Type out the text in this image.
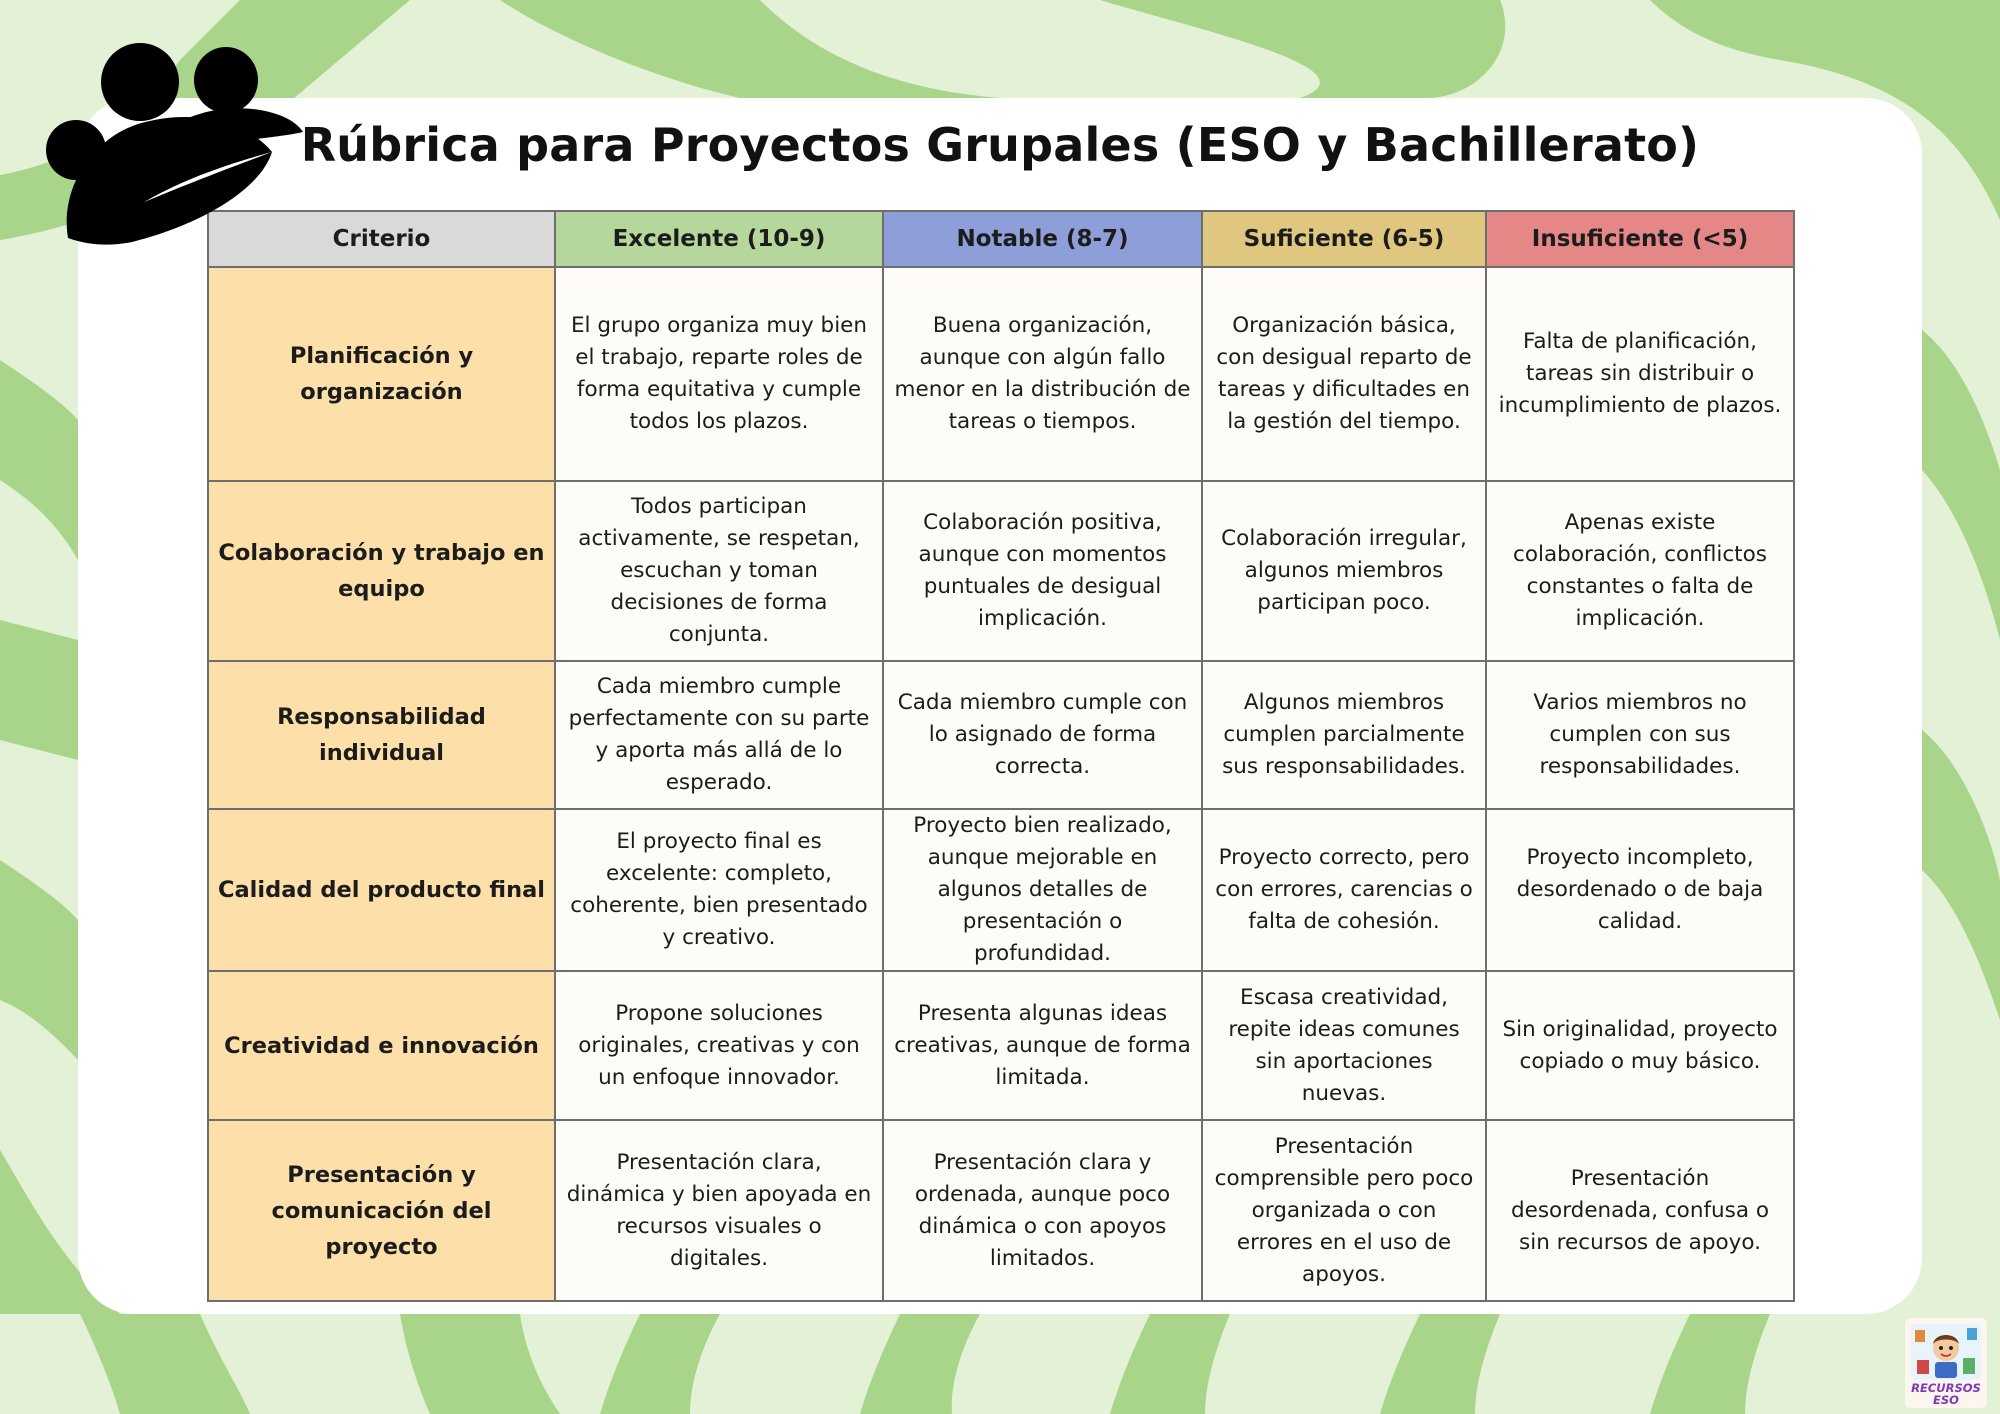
Rúbrica para Proyectos Grupales (ESO y Bachillerato)
Criterio	Excelente (10-9)	Notable (8-7)	Suficiente (6-5)	Insuficiente (<5)
Planificación y organización	El grupo organiza muy bien el trabajo, reparte roles de forma equitativa y cumple todos los plazos.	Buena organización, aunque con algún fallo menor en la distribución de tareas o tiempos.	Organización básica, con desigual reparto de tareas y dificultades en la gestión del tiempo.	Falta de planificación, tareas sin distribuir o incumplimiento de plazos.
Colaboración y trabajo en equipo	Todos participan activamente, se respetan, escuchan y toman decisiones de forma conjunta.	Colaboración positiva, aunque con momentos puntuales de desigual implicación.	Colaboración irregular, algunos miembros participan poco.	Apenas existe colaboración, conflictos constantes o falta de implicación.
Responsabilidad individual	Cada miembro cumple perfectamente con su parte y aporta más allá de lo esperado.	Cada miembro cumple con lo asignado de forma correcta.	Algunos miembros cumplen parcialmente sus responsabilidades.	Varios miembros no cumplen con sus responsabilidades.
Calidad del producto final	El proyecto final es excelente: completo, coherente, bien presentado y creativo.	Proyecto bien realizado, aunque mejorable en algunos detalles de presentación o profundidad.	Proyecto correcto, pero con errores, carencias o falta de cohesión.	Proyecto incompleto, desordenado o de baja calidad.
Creatividad e innovación	Propone soluciones originales, creativas y con un enfoque innovador.	Presenta algunas ideas creativas, aunque de forma limitada.	Escasa creatividad, repite ideas comunes sin aportaciones nuevas.	Sin originalidad, proyecto copiado o muy básico.
Presentación y comunicación del proyecto	Presentación clara, dinámica y bien apoyada en recursos visuales o digitales.	Presentación clara y ordenada, aunque poco dinámica o con apoyos limitados.	Presentación comprensible pero poco organizada o con errores en el uso de apoyos.	Presentación desordenada, confusa o sin recursos de apoyo.
RECURSOS
ESO
